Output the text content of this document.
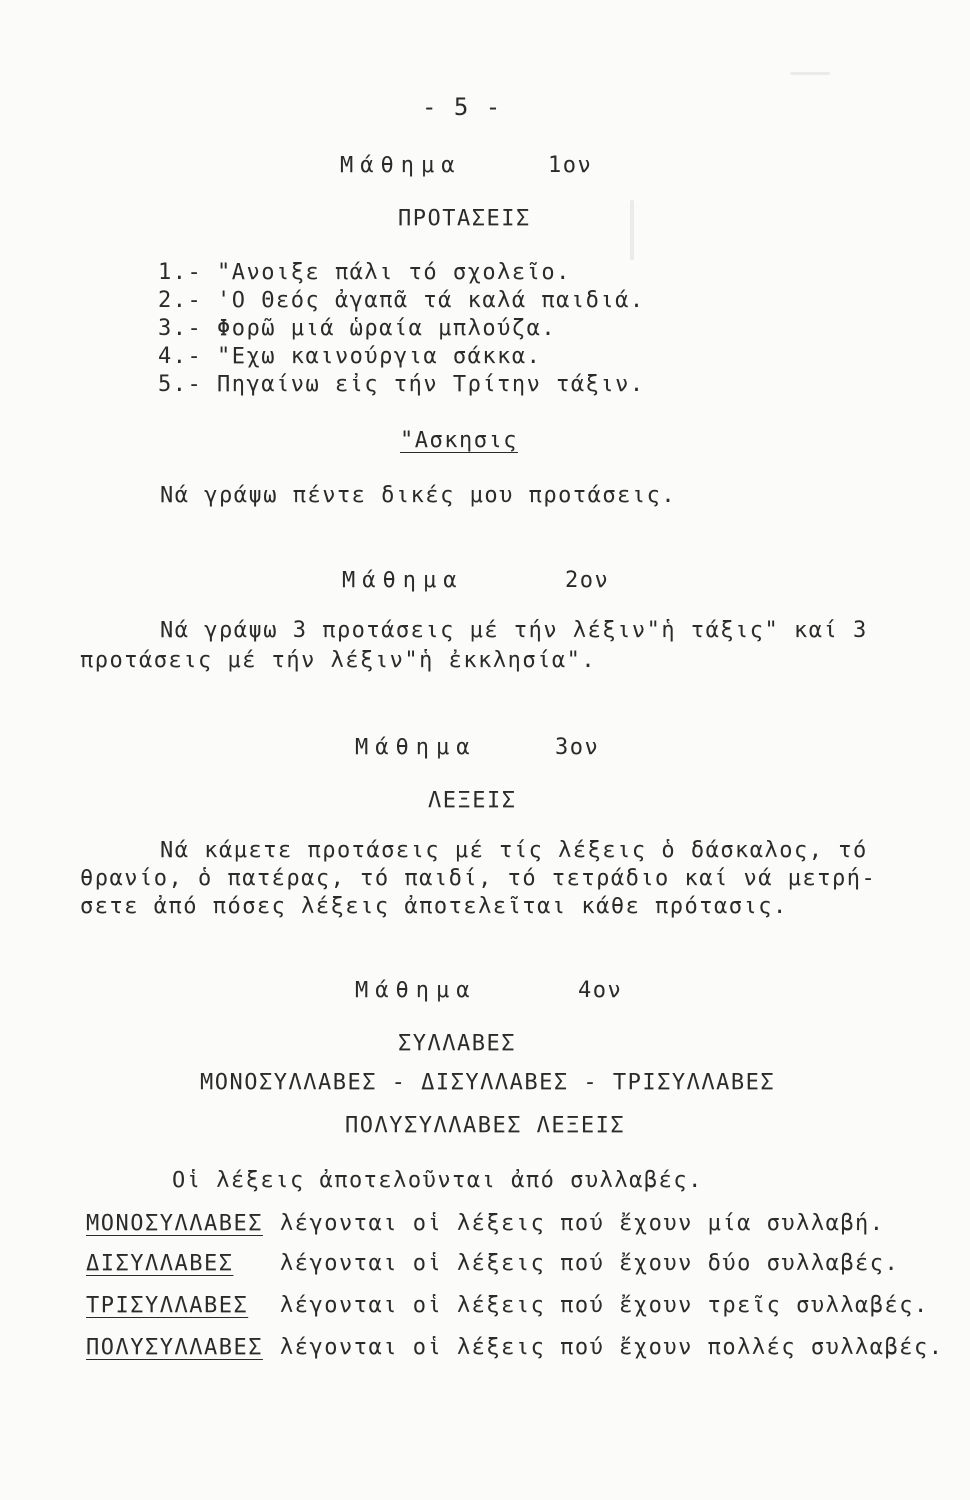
- 5 -
Μάθημα	1ον
ΠΡΟΤΑΣΕΙΣ
1.- "Ανοιξε πάλι τό σχολεῖο.
2.- 'Ο Θεός ἀγαπᾶ τά καλά παιδιά.
3.- Φορῶ μιά ὡραία μπλούζα.
4.- "Εχω καινούργια σάκκα.
5.- Πηγαίνω εἰς τήν Τρίτην τάξιν.
"Ασκησις
Νά γράψω πέντε δικές μου προτάσεις.
Μάθημα	2ον
Νά γράψω 3 προτάσεις μέ τήν λέξιν"ἡ τάξις" καί 3
προτάσεις μέ τήν λέξιν"ἡ ἐκκλησία".
Μάθημα	3ον
ΛΕΞΕΙΣ
Νά κάμετε προτάσεις μέ τίς λέξεις ὁ δάσκαλος, τό
θρανίο, ὁ πατέρας, τό παιδί, τό τετράδιο καί νά μετρή-
σετε ἀπό πόσες λέξεις ἀποτελεῖται κάθε πρότασις.
Μάθημα	4ον
ΣΥΛΛΑΒΕΣ
ΜΟΝΟΣΥΛΛΑΒΕΣ - ΔΙΣΥΛΛΑΒΕΣ - ΤΡΙΣΥΛΛΑΒΕΣ
ΠΟΛΥΣΥΛΛΑΒΕΣ ΛΕΞΕΙΣ
Οἱ λέξεις ἀποτελοῦνται ἀπό συλλαβές.
ΜΟΝΟΣΥΛΛΑΒΕΣ λέγονται οἱ λέξεις πού ἔχουν μία συλλαβή.
ΔΙΣΥΛΛΑΒΕΣ λέγονται οἱ λέξεις πού ἔχουν δύο συλλαβές.
ΤΡΙΣΥΛΛΑΒΕΣ λέγονται οἱ λέξεις πού ἔχουν τρεῖς συλλαβές.
ΠΟΛΥΣΥΛΛΑΒΕΣ λέγονται οἱ λέξεις πού ἔχουν πολλές συλλαβές.
